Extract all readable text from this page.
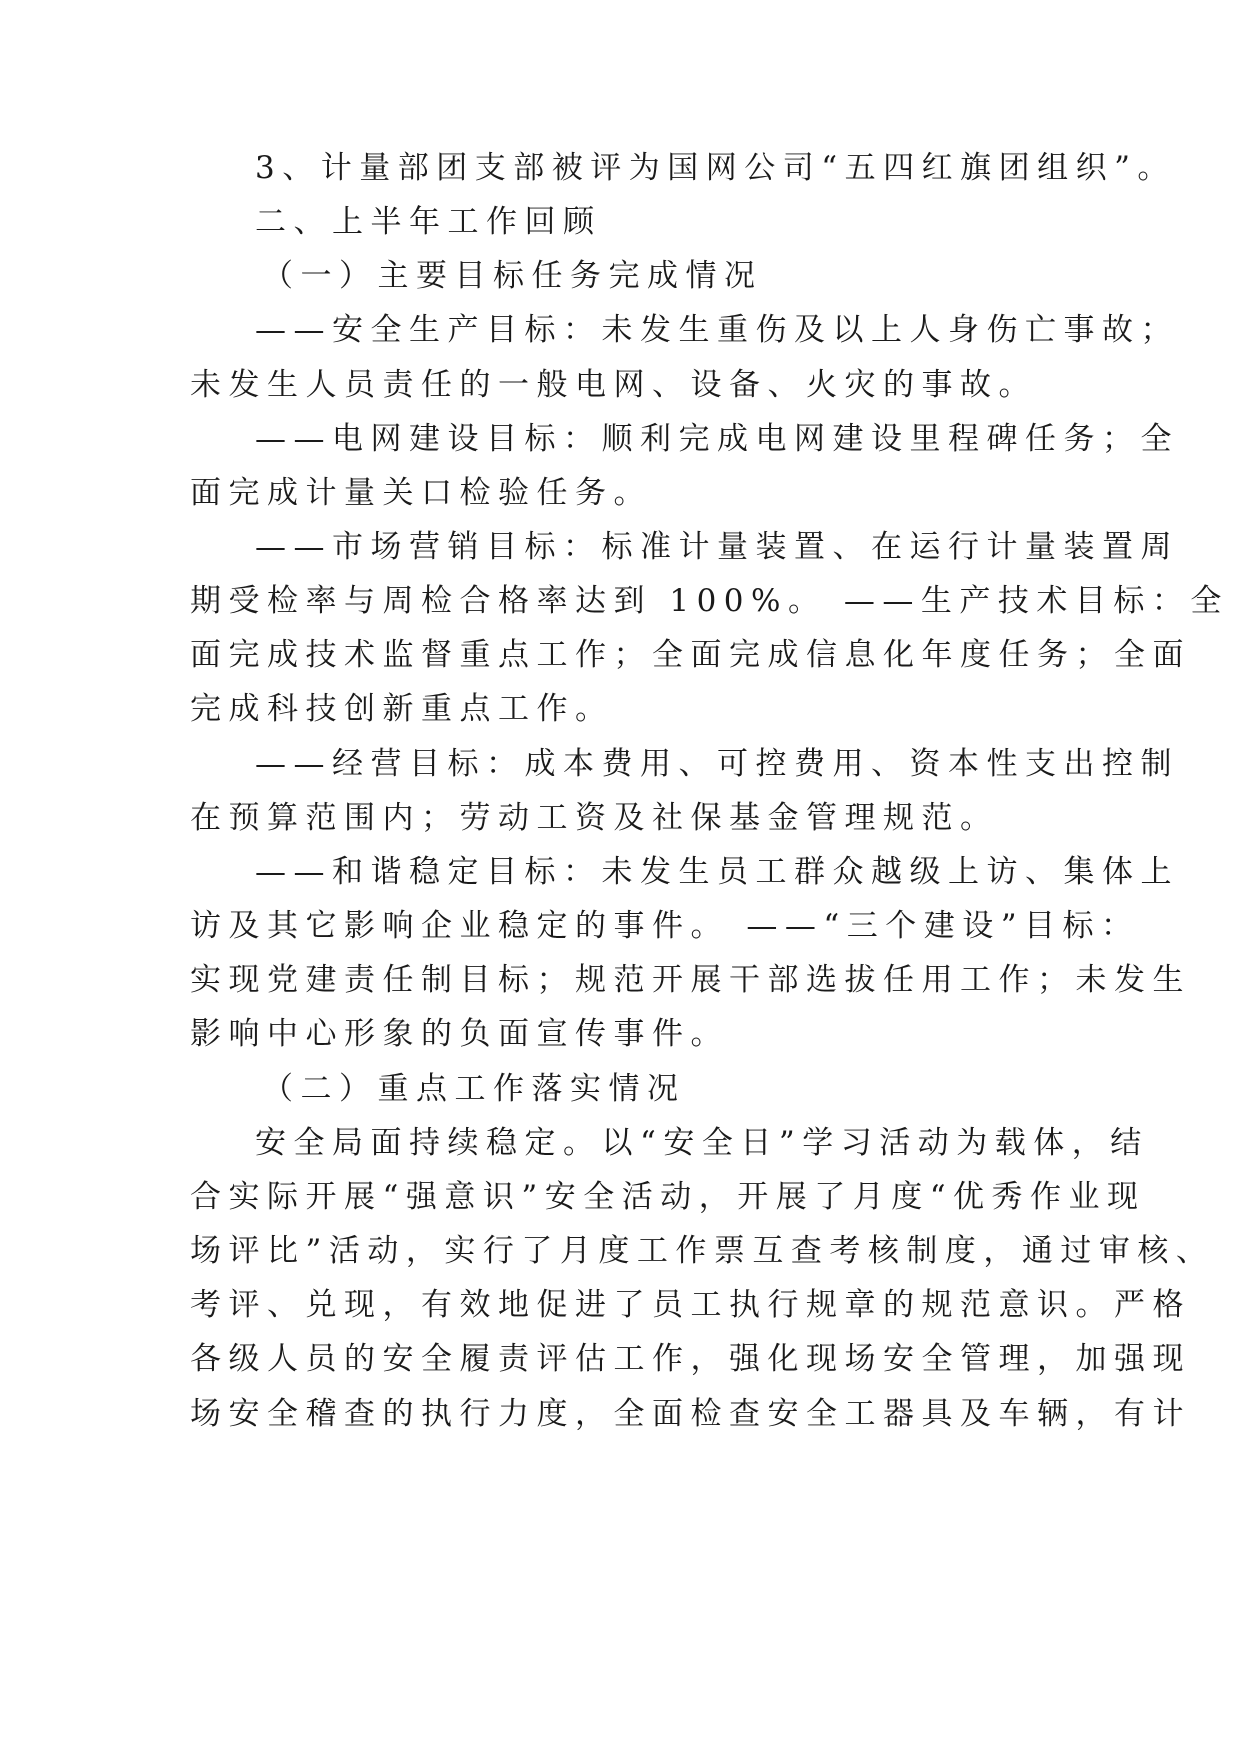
3、计量部团支部被评为国网公司“五四红旗团组织”。
二、上半年工作回顾
（一）主要目标任务完成情况
——安全生产目标：未发生重伤及以上人身伤亡事故；
未发生人员责任的一般电网、设备、火灾的事故。
——电网建设目标：顺利完成电网建设里程碑任务；全
面完成计量关口检验任务。
——市场营销目标：标准计量装置、在运行计量装置周
期受检率与周检合格率达到 100%。 ——生产技术目标：全
面完成技术监督重点工作；全面完成信息化年度任务；全面
完成科技创新重点工作。
——经营目标：成本费用、可控费用、资本性支出控制
在预算范围内；劳动工资及社保基金管理规范。
——和谐稳定目标：未发生员工群众越级上访、集体上
访及其它影响企业稳定的事件。 ——“三个建设”目标：
实现党建责任制目标；规范开展干部选拔任用工作；未发生
影响中心形象的负面宣传事件。
（二）重点工作落实情况
安全局面持续稳定。以“安全日”学习活动为载体，结
合实际开展“强意识”安全活动，开展了月度“优秀作业现
场评比”活动，实行了月度工作票互查考核制度，通过审核、
考评、兑现，有效地促进了员工执行规章的规范意识。严格
各级人员的安全履责评估工作，强化现场安全管理，加强现
场安全稽查的执行力度，全面检查安全工器具及车辆，有计
